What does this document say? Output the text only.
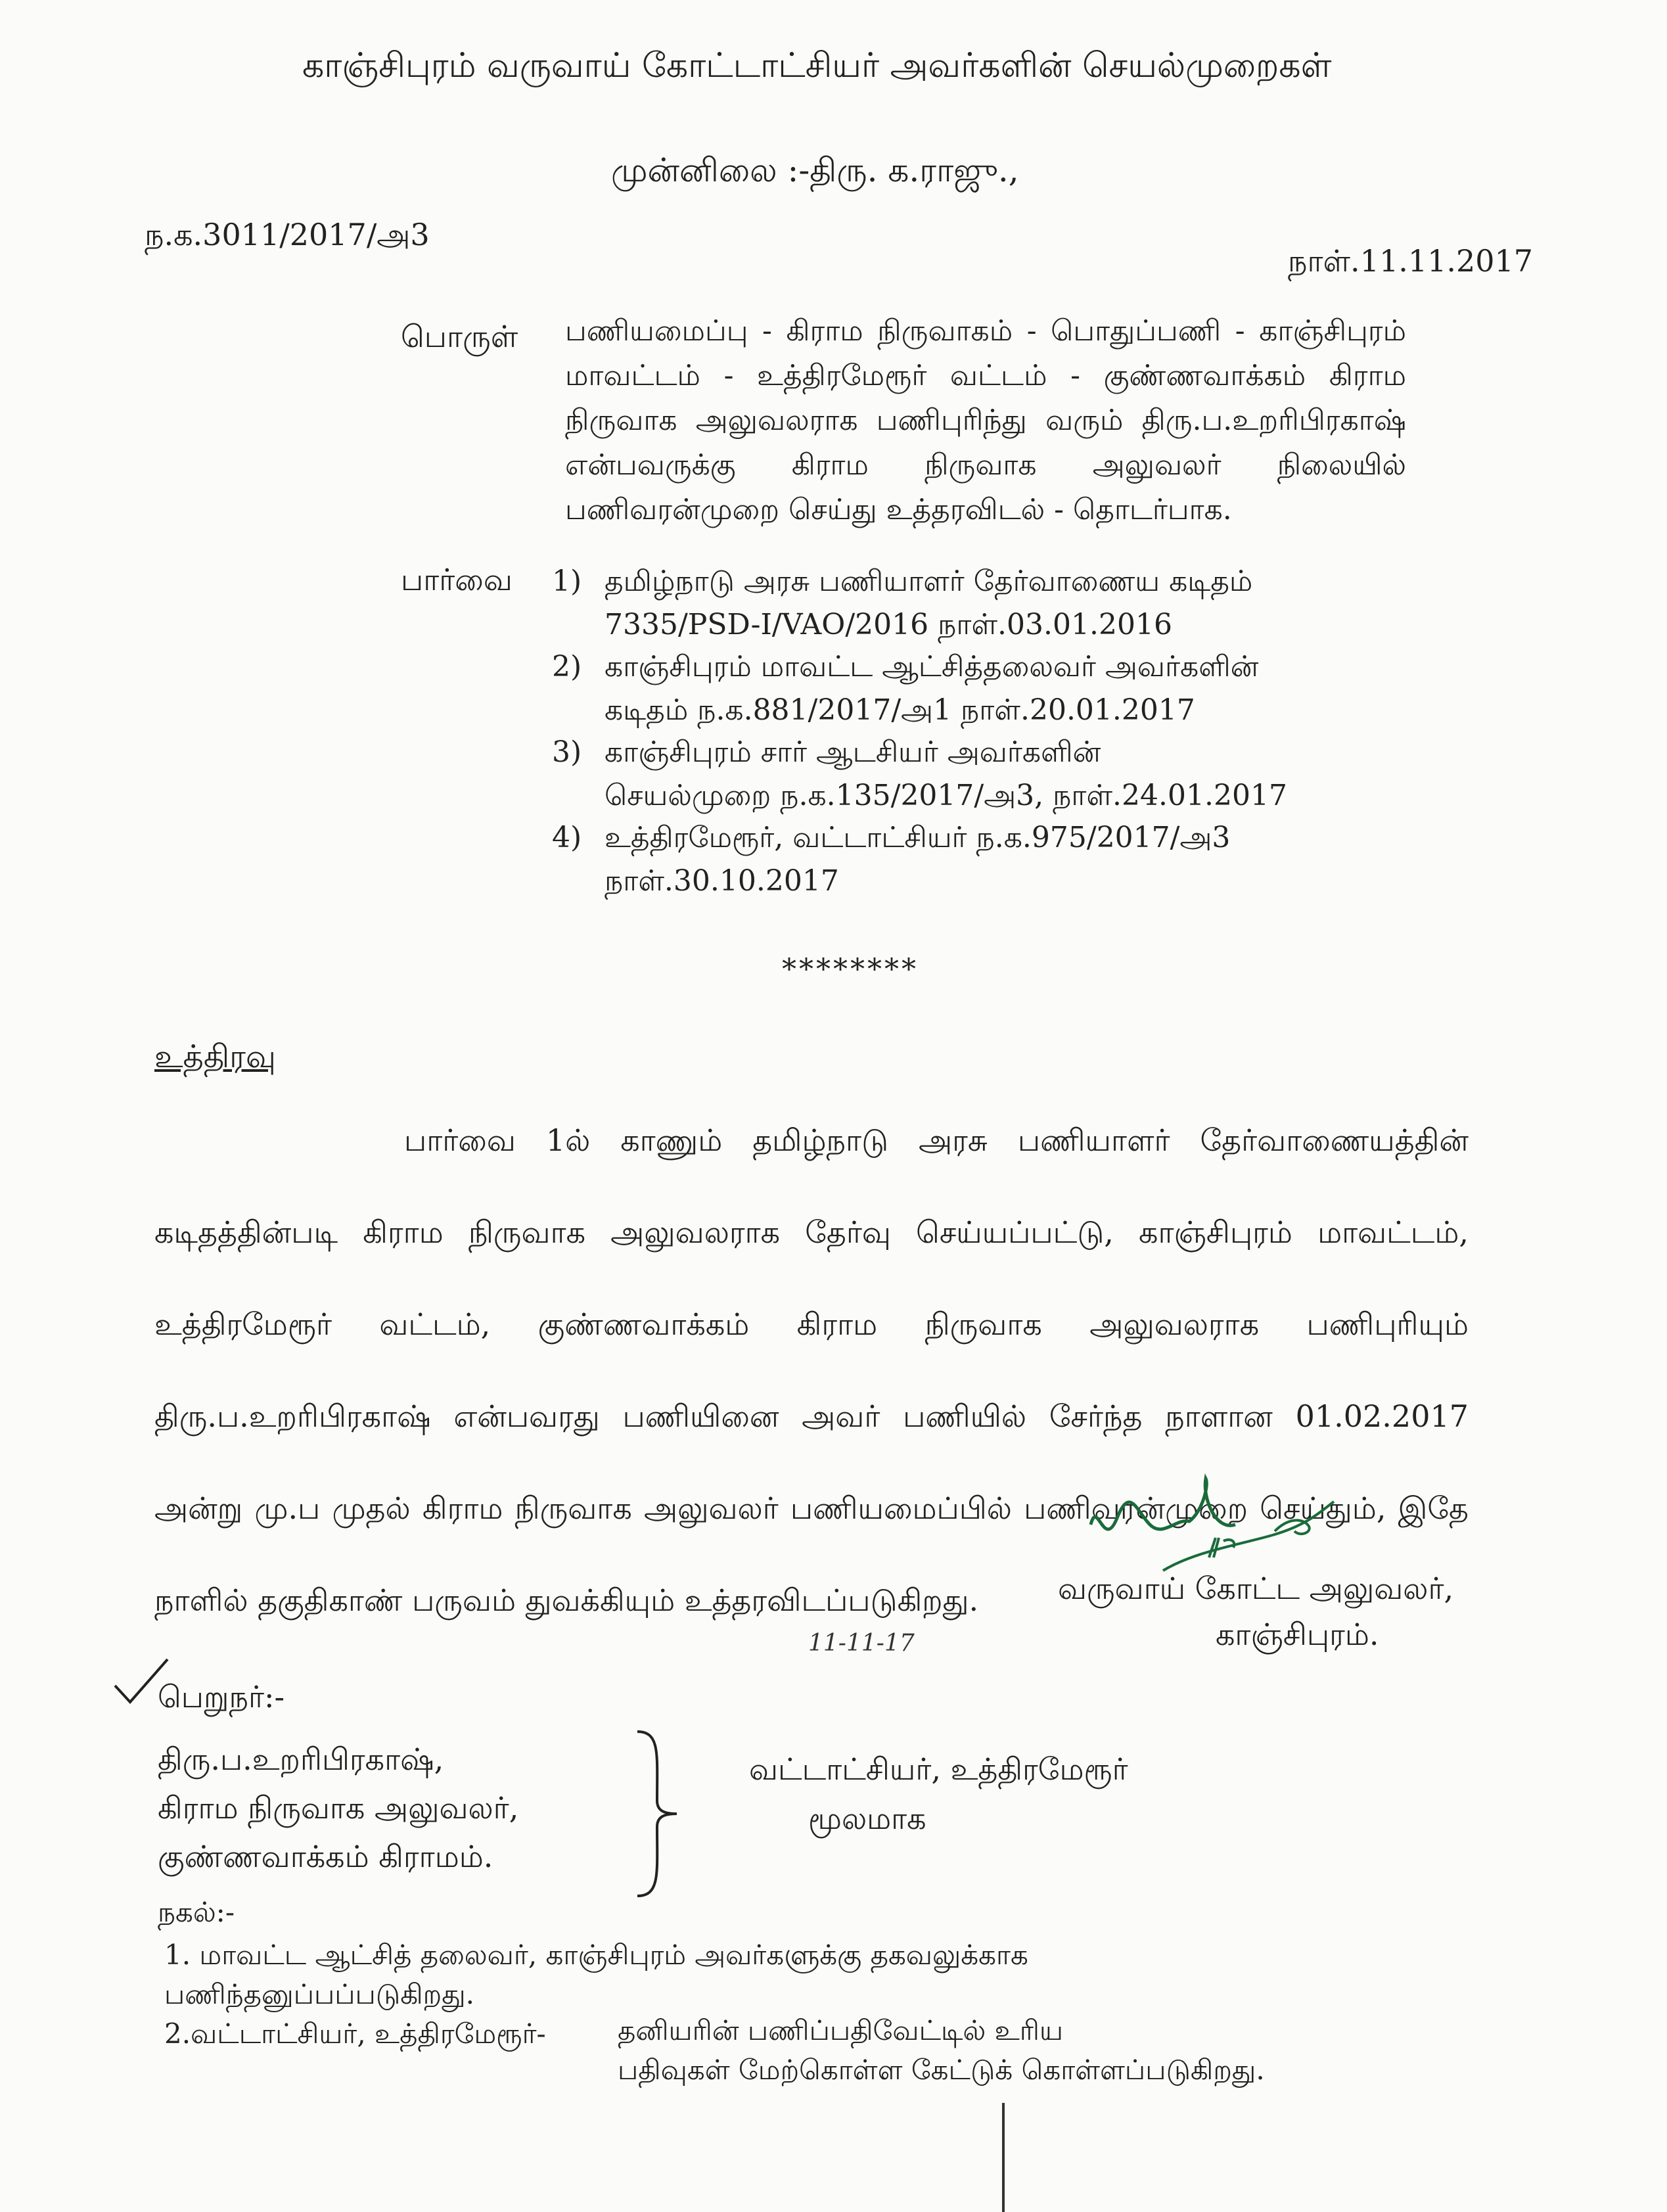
காஞ்சிபுரம் வருவாய் கோட்டாட்சியர் அவர்களின் செயல்முறைகள்
முன்னிலை :-திரு. க.ராஜு.,
ந.க.3011/2017/அ3
நாள்.11.11.2017
பொருள் பணியமைப்பு - கிராம நிருவாகம் - பொதுப்பணி - காஞ்சிபுரம் மாவட்டம் - உத்திரமேரூர் வட்டம் - குண்ணவாக்கம் கிராம நிருவாக அலுவலராக பணிபுரிந்து வரும் திரு.ப.உறரிபிரகாஷ் என்பவருக்கு கிராம நிருவாக அலுவலர் நிலையில் பணிவரன்முறை செய்து உத்தரவிடல் - தொடர்பாக.
பார்வை 1) தமிழ்நாடு அரசு பணியாளர் தேர்வாணைய கடிதம்
7335/PSD-I/VAO/2016 நாள்.03.01.2016
2) காஞ்சிபுரம் மாவட்ட ஆட்சித்தலைவர் அவர்களின்
கடிதம் ந.க.881/2017/அ1 நாள்.20.01.2017
3) காஞ்சிபுரம் சார் ஆடசியர் அவர்களின்
செயல்முறை ந.க.135/2017/அ3, நாள்.24.01.2017
4) உத்திரமேரூர், வட்டாட்சியர் ந.க.975/2017/அ3
நாள்.30.10.2017
********
உத்திரவு
பார்வை 1ல் காணும் தமிழ்நாடு அரசு பணியாளர் தேர்வாணையத்தின் கடிதத்தின்படி கிராம நிருவாக அலுவலராக தேர்வு செய்யப்பட்டு, காஞ்சிபுரம் மாவட்டம், உத்திரமேரூர் வட்டம், குண்ணவாக்கம் கிராம நிருவாக அலுவலராக பணிபுரியும் திரு.ப.உறரிபிரகாஷ் என்பவரது பணியினை அவர் பணியில் சேர்ந்த நாளான 01.02.2017 அன்று மு.ப முதல் கிராம நிருவாக அலுவலர் பணியமைப்பில் பணிவரன்முறை செய்தும், இதே நாளில் தகுதிகாண் பருவம் துவக்கியும் உத்தரவிடப்படுகிறது.	வருவாய் கோட்ட அலுவலர்,
காஞ்சிபுரம்.
பெறுநர்:-
திரு.ப.உறரிபிரகாஷ்,
கிராம நிருவாக அலுவலர்,
குண்ணவாக்கம் கிராமம்.
11-11-17
வட்டாட்சியர், உத்திரமேரூர்
மூலமாக
நகல்:-
1. மாவட்ட ஆட்சித் தலைவர், காஞ்சிபுரம் அவர்களுக்கு தகவலுக்காக
பணிந்தனுப்பப்படுகிறது.
2.வட்டாட்சியர், உத்திரமேரூர்-	தனியரின் பணிப்பதிவேட்டில் உரிய
பதிவுகள் மேற்கொள்ள கேட்டுக் கொள்ளப்படுகிறது.
